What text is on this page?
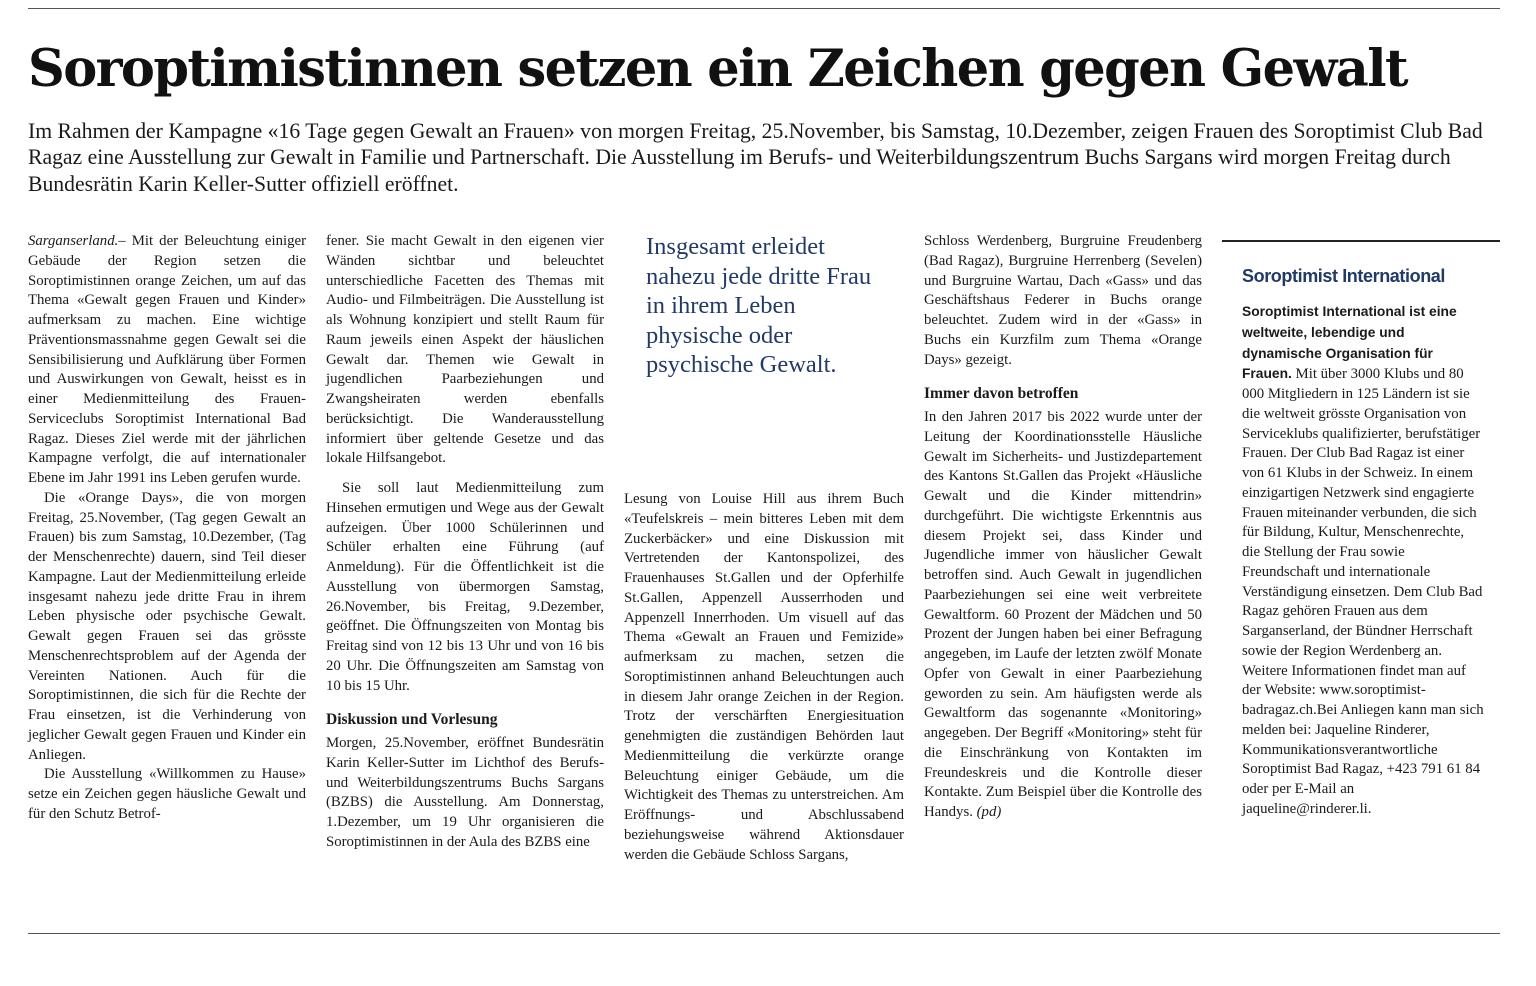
Soroptimistinnen setzen ein Zeichen gegen Gewalt

Im Rahmen der Kampagne «16 Tage gegen Gewalt an Frauen» von morgen Freitag, 25.November, bis Samstag, 10.Dezember, zeigen Frauen des Soroptimist Club Bad Ragaz eine Ausstellung zur Gewalt in Familie und Partnerschaft. Die Ausstellung im Berufs- und Weiterbildungszentrum Buchs Sargans wird morgen Freitag durch Bundesrätin Karin Keller-Sutter offiziell eröffnet.

Sarganserland.– Mit der Beleuchtung einiger Gebäude der Region setzen die Soroptimistinnen orange Zeichen, um auf das Thema «Gewalt gegen Frauen und Kinder» aufmerksam zu machen. Eine wichtige Präventionsmassnahme gegen Gewalt sei die Sensibilisierung und Aufklärung über Formen und Auswirkungen von Gewalt, heisst es in einer Medienmitteilung des Frauen-Serviceclubs Soroptimist International Bad Ragaz. Dieses Ziel werde mit der jährlichen Kampagne verfolgt, die auf internationaler Ebene im Jahr 1991 ins Leben gerufen wurde.

Die «Orange Days», die von morgen Freitag, 25.November, (Tag gegen Gewalt an Frauen) bis zum Samstag, 10.Dezember, (Tag der Menschenrechte) dauern, sind Teil dieser Kampagne. Laut der Medienmitteilung erleide insgesamt nahezu jede dritte Frau in ihrem Leben physische oder psychische Gewalt. Gewalt gegen Frauen sei das grösste Menschenrechtsproblem auf der Agenda der Vereinten Nationen. Auch für die Soroptimistinnen, die sich für die Rechte der Frau einsetzen, ist die Verhinderung von jeglicher Gewalt gegen Frauen und Kinder ein Anliegen.

Die Ausstellung «Willkommen zu Hause» setze ein Zeichen gegen häusliche Gewalt und für den Schutz Betrof-

fener. Sie macht Gewalt in den eigenen vier Wänden sichtbar und beleuchtet unterschiedliche Facetten des Themas mit Audio- und Filmbeiträgen. Die Ausstellung ist als Wohnung konzipiert und stellt Raum für Raum jeweils einen Aspekt der häuslichen Gewalt dar. Themen wie Gewalt in jugendlichen Paarbeziehungen und Zwangsheiraten werden ebenfalls berücksichtigt. Die Wanderausstellung informiert über geltende Gesetze und das lokale Hilfsangebot.

Sie soll laut Medienmitteilung zum Hinsehen ermutigen und Wege aus der Gewalt aufzeigen. Über 1000 Schülerinnen und Schüler erhalten eine Führung (auf Anmeldung). Für die Öffentlichkeit ist die Ausstellung von übermorgen Samstag, 26.November, bis Freitag, 9.Dezember, geöffnet. Die Öffnungszeiten von Montag bis Freitag sind von 12 bis 13 Uhr und von 16 bis 20 Uhr. Die Öffnungszeiten am Samstag von 10 bis 15 Uhr.

Diskussion und Vorlesung

Morgen, 25.November, eröffnet Bundesrätin Karin Keller-Sutter im Lichthof des Berufs- und Weiterbildungszentrums Buchs Sargans (BZBS) die Ausstellung. Am Donnerstag, 1.Dezember, um 19 Uhr organisieren die Soroptimistinnen in der Aula des BZBS eine

Insgesamt erleidet nahezu jede dritte Frau in ihrem Leben physische oder psychische Gewalt.

Lesung von Louise Hill aus ihrem Buch «Teufelskreis – mein bitteres Leben mit dem Zuckerbäcker» und eine Diskussion mit Vertretenden der Kantonspolizei, des Frauenhauses St.Gallen und der Opferhilfe St.Gallen, Appenzell Ausserrhoden und Appenzell Innerrhoden. Um visuell auf das Thema «Gewalt an Frauen und Femizide» aufmerksam zu machen, setzen die Soroptimistinnen anhand Beleuchtungen auch in diesem Jahr orange Zeichen in der Region. Trotz der verschärften Energiesituation genehmigten die zuständigen Behörden laut Medienmitteilung die verkürzte orange Beleuchtung einiger Gebäude, um die Wichtigkeit des Themas zu unterstreichen. Am Eröffnungs- und Abschlussabend beziehungsweise während Aktionsdauer werden die Gebäude Schloss Sargans,

Schloss Werdenberg, Burgruine Freudenberg (Bad Ragaz), Burgruine Herrenberg (Sevelen) und Burgruine Wartau, Dach «Gass» und das Geschäftshaus Federer in Buchs orange beleuchtet. Zudem wird in der «Gass» in Buchs ein Kurzfilm zum Thema «Orange Days» gezeigt.

Immer davon betroffen

In den Jahren 2017 bis 2022 wurde unter der Leitung der Koordinationsstelle Häusliche Gewalt im Sicherheits- und Justizdepartement des Kantons St.Gallen das Projekt «Häusliche Gewalt und die Kinder mittendrin» durchgeführt. Die wichtigste Erkenntnis aus diesem Projekt sei, dass Kinder und Jugendliche immer von häuslicher Gewalt betroffen sind. Auch Gewalt in jugendlichen Paarbeziehungen sei eine weit verbreitete Gewaltform. 60 Prozent der Mädchen und 50 Prozent der Jungen haben bei einer Befragung angegeben, im Laufe der letzten zwölf Monate Opfer von Gewalt in einer Paarbeziehung geworden zu sein. Am häufigsten werde als Gewaltform das sogenannte «Monitoring» angegeben. Der Begriff «Monitoring» steht für die Einschränkung von Kontakten im Freundeskreis und die Kontrolle dieser Kontakte. Zum Beispiel über die Kontrolle des Handys. (pd)

Soroptimist International
Soroptimist International ist eine weltweite, lebendige und dynamische Organisation für Frauen. Mit über 3000 Klubs und 80 000 Mitgliedern in 125 Ländern ist sie die weltweit grösste Organisation von Serviceklubs qualifizierter, berufstätiger Frauen. Der Club Bad Ragaz ist einer von 61 Klubs in der Schweiz. In einem einzigartigen Netzwerk sind engagierte Frauen miteinander verbunden, die sich für Bildung, Kultur, Menschenrechte, die Stellung der Frau sowie Freundschaft und internationale Verständigung einsetzen. Dem Club Bad Ragaz gehören Frauen aus dem Sarganserland, der Bündner Herrschaft sowie der Region Werdenberg an. Weitere Informationen findet man auf der Website: www.soroptimist-badragaz.ch.Bei Anliegen kann man sich melden bei: Jaqueline Rinderer, Kommunikationsverantwortliche Soroptimist Bad Ragaz, +423 791 61 84 oder per E-Mail an jaqueline@rinderer.li.
